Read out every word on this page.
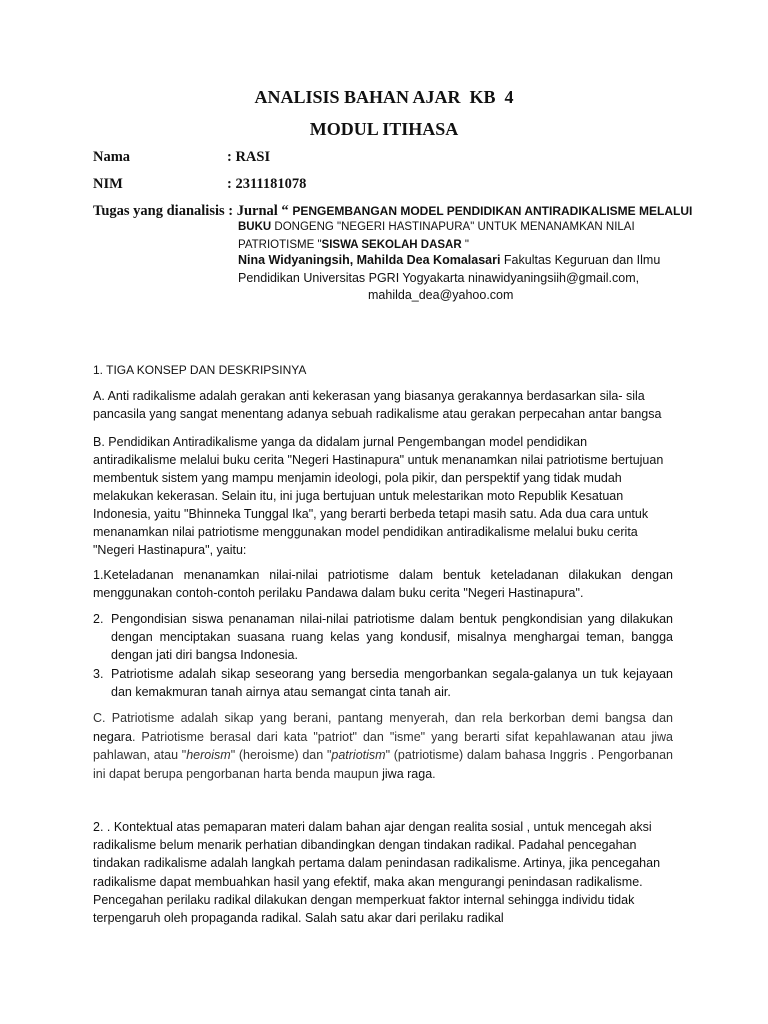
ANALISIS BAHAN AJAR  KB  4
MODUL ITIHASA
Nama	: RASI
NIM	: 2311181078
Tugas yang dianalisis : Jurnal “ PENGEMBANGAN MODEL PENDIDIKAN ANTIRADIKALISME MELALUI
BUKU DONGENG "NEGERI HASTINAPURA" UNTUK MENANAMKAN NILAI
PATRIOTISME "SISWA SEKOLAH DASAR "
Nina Widyaningsih, Mahilda Dea Komalasari Fakultas Keguruan dan Ilmu
Pendidikan Universitas PGRI Yogyakarta ninawidyaningsiih@gmail.com,
mahilda_dea@yahoo.com
1. TIGA KONSEP DAN DESKRIPSINYA
A. Anti radikalisme adalah gerakan anti kekerasan yang biasanya gerakannya berdasarkan sila- sila pancasila yang sangat menentang adanya sebuah radikalisme atau gerakan perpecahan antar bangsa
B. Pendidikan Antiradikalisme yanga da didalam jurnal Pengembangan model pendidikan antiradikalisme melalui buku cerita "Negeri Hastinapura" untuk menanamkan nilai patriotisme bertujuan membentuk sistem yang mampu menjamin ideologi, pola pikir, dan perspektif yang tidak mudah melakukan kekerasan. Selain itu, ini juga bertujuan untuk melestarikan moto Republik Kesatuan Indonesia, yaitu "Bhinneka Tunggal Ika", yang berarti berbeda tetapi masih satu. Ada dua cara untuk menanamkan nilai patriotisme menggunakan model pendidikan antiradikalisme melalui buku cerita "Negeri Hastinapura", yaitu:
1.Keteladanan menanamkan nilai-nilai patriotisme dalam bentuk keteladanan dilakukan dengan menggunakan contoh-contoh perilaku Pandawa dalam buku cerita "Negeri Hastinapura".
2. Pengondisian siswa penanaman nilai-nilai patriotisme dalam bentuk pengkondisian yang dilakukan dengan menciptakan suasana ruang kelas yang kondusif, misalnya menghargai teman, bangga dengan jati diri bangsa Indonesia.
3. Patriotisme adalah sikap seseorang yang bersedia mengorbankan segala-galanya un tuk kejayaan dan kemakmuran tanah airnya atau semangat cinta tanah air.
C. Patriotisme adalah sikap yang berani, pantang menyerah, dan rela berkorban demi bangsa dan negara. Patriotisme berasal dari kata "patriot" dan "isme" yang berarti sifat kepahlawanan atau jiwa pahlawan, atau "heroism" (heroisme) dan "patriotism" (patriotisme) dalam bahasa Inggris . Pengorbanan ini dapat berupa pengorbanan harta benda maupun jiwa raga.
2. . Kontektual atas pemaparan materi dalam bahan ajar dengan realita sosial , untuk mencegah aksi radikalisme belum menarik perhatian dibandingkan dengan tindakan radikal. Padahal pencegahan tindakan radikalisme adalah langkah pertama dalam penindasan radikalisme. Artinya, jika pencegahan radikalisme dapat membuahkan hasil yang efektif, maka akan mengurangi penindasan radikalisme. Pencegahan perilaku radikal dilakukan dengan memperkuat faktor internal sehingga individu tidak terpengaruh oleh propaganda radikal. Salah satu akar dari perilaku radikal
